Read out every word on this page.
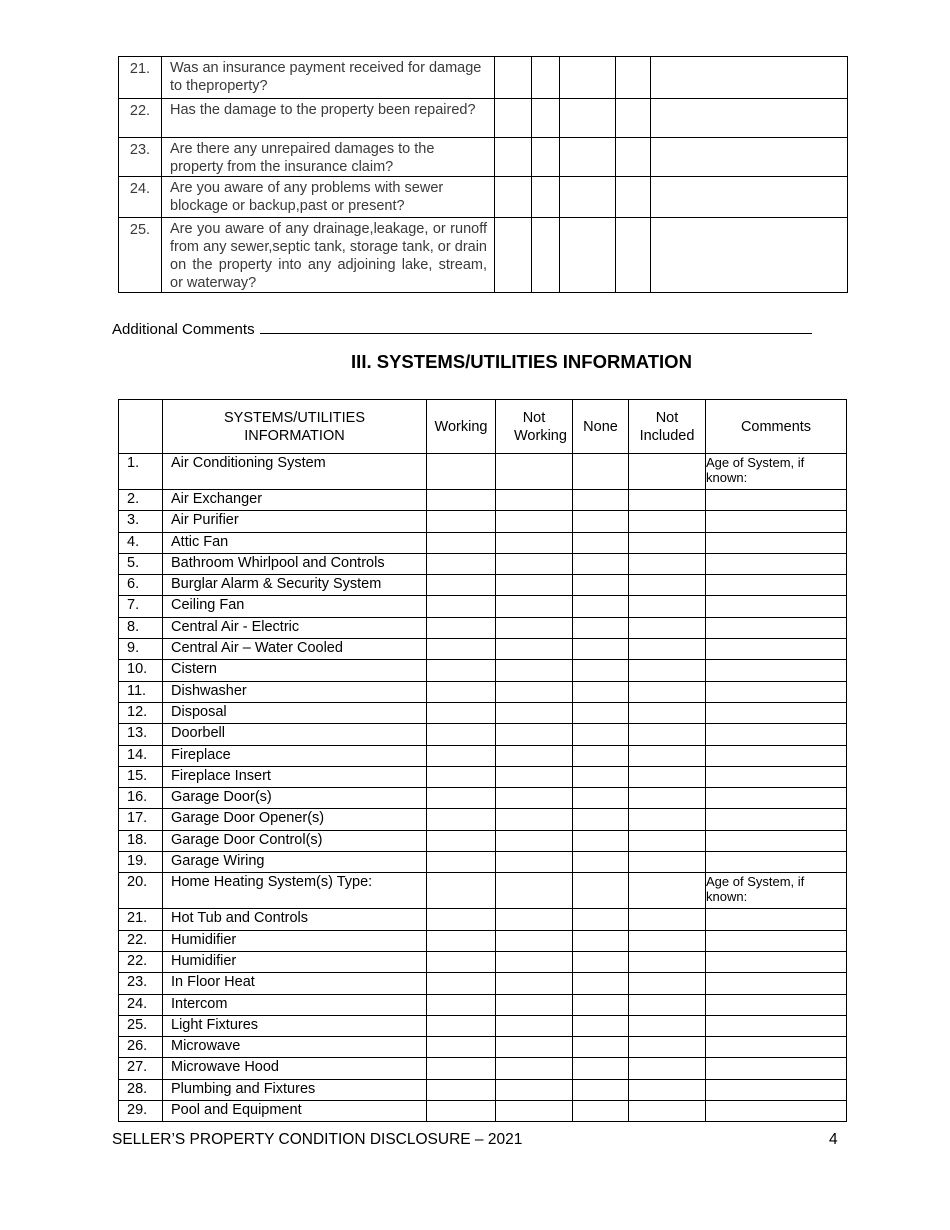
21.	Was an insurance payment received for damage to theproperty?					
22.	Has the damage to the property been repaired?					
23.	Are there any unrepaired damages to the property from the insurance claim?					
24.	Are you aware of any problems with sewer blockage or backup,past or present?					
25.	Are you aware of any drainage,leakage, or runoff from any sewer,septic tank, storage tank, or drain on the property into any adjoining lake, stream, or waterway?					
Additional Comments
III. SYSTEMS/UTILITIES INFORMATION
	SYSTEMS/UTILITIES INFORMATION	Working	Not Working	None	Not Included	Comments
1.	Air Conditioning System					Age of System, if known:
2.	Air Exchanger					
3.	Air Purifier					
4.	Attic Fan					
5.	Bathroom Whirlpool and Controls					
6.	Burglar Alarm & Security System					
7.	Ceiling Fan					
8.	Central Air - Electric					
9.	Central Air – Water Cooled					
10.	Cistern					
11.	Dishwasher					
12.	Disposal					
13.	Doorbell					
14.	Fireplace					
15.	Fireplace Insert					
16.	Garage Door(s)					
17.	Garage Door Opener(s)					
18.	Garage Door Control(s)					
19.	Garage Wiring					
20.	Home Heating System(s) Type:					Age of System, if known:
21.	Hot Tub and Controls					
22.	Humidifier					
22.	Humidifier					
23.	In Floor Heat					
24.	Intercom					
25.	Light Fixtures					
26.	Microwave					
27.	Microwave Hood					
28.	Plumbing and Fixtures					
29.	Pool and Equipment					
SELLER’S PROPERTY CONDITION DISCLOSURE – 2021	4
